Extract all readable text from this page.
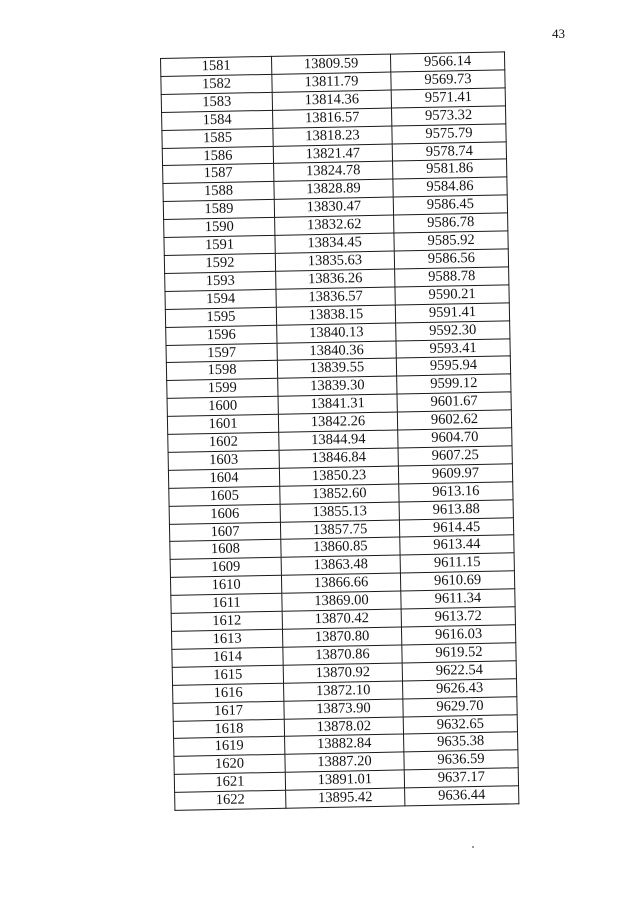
43
1581	13809.59	9566.14
1582	13811.79	9569.73
1583	13814.36	9571.41
1584	13816.57	9573.32
1585	13818.23	9575.79
1586	13821.47	9578.74
1587	13824.78	9581.86
1588	13828.89	9584.86
1589	13830.47	9586.45
1590	13832.62	9586.78
1591	13834.45	9585.92
1592	13835.63	9586.56
1593	13836.26	9588.78
1594	13836.57	9590.21
1595	13838.15	9591.41
1596	13840.13	9592.30
1597	13840.36	9593.41
1598	13839.55	9595.94
1599	13839.30	9599.12
1600	13841.31	9601.67
1601	13842.26	9602.62
1602	13844.94	9604.70
1603	13846.84	9607.25
1604	13850.23	9609.97
1605	13852.60	9613.16
1606	13855.13	9613.88
1607	13857.75	9614.45
1608	13860.85	9613.44
1609	13863.48	9611.15
1610	13866.66	9610.69
1611	13869.00	9611.34
1612	13870.42	9613.72
1613	13870.80	9616.03
1614	13870.86	9619.52
1615	13870.92	9622.54
1616	13872.10	9626.43
1617	13873.90	9629.70
1618	13878.02	9632.65
1619	13882.84	9635.38
1620	13887.20	9636.59
1621	13891.01	9637.17
1622	13895.42	9636.44
